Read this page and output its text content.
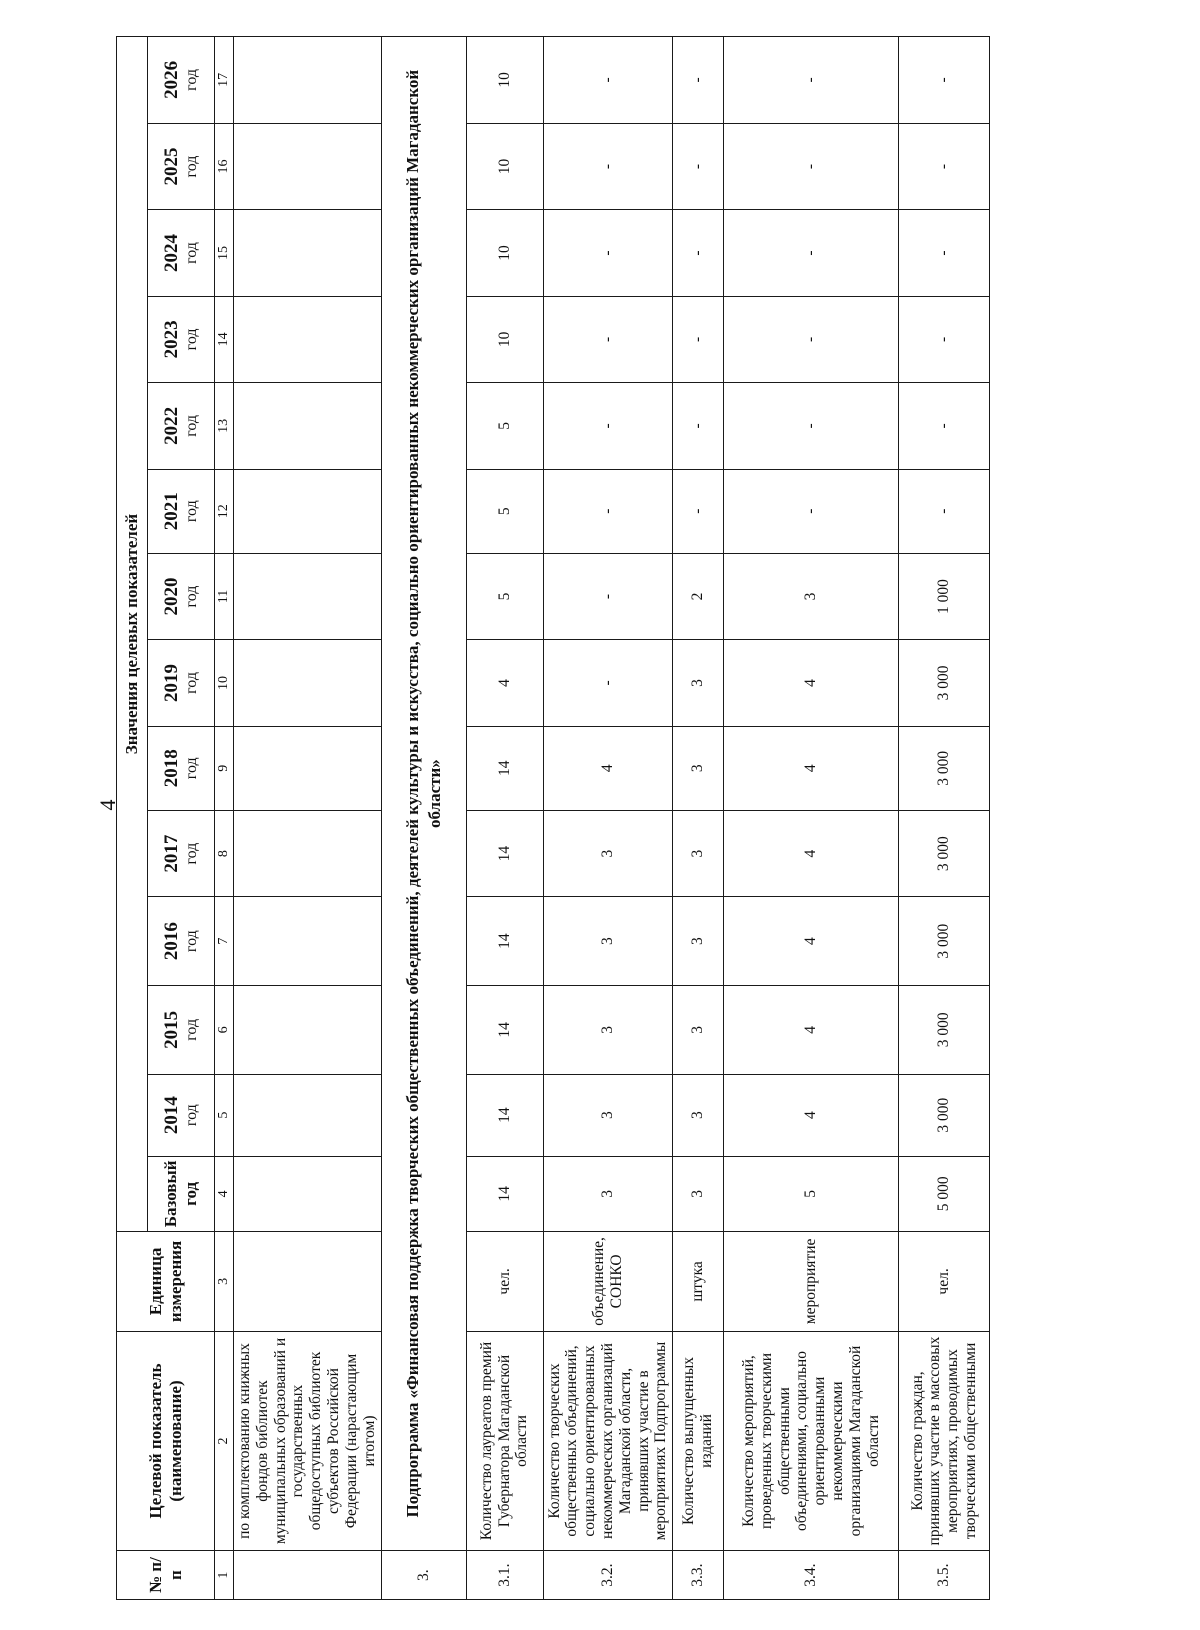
4
№ п/п	Целевой показатель (наименование)	Единица измерения	Значения целевых показателей													
			Базовый год	2014 год	2015 год	2016 год	2017 год	2018 год	2019 год	2020 год	2021 год	2022 год	2023 год	2024 год	2025 год	2026 год

1	2	3	4	5	6	7	8	9	10	11	12	13	14	15	16	17
	по комплектованию книжных фондов библиотек муниципальных образований и государственных общедоступных библиотек субъектов Российской Федерации (нарастающим итогом)															
3.	Подпрограмма «Финансовая поддержка творческих общественных объединений, деятелей культуры и искусства, социально ориентированных некоммерческих организаций Магаданской области»															
3.1.	Количество лауреатов премий Губернатора Магаданской области	чел.	14	14	14	14	14	14	4	5	5	5	10	10	10	10
3.2.	Количество творческих общественных объединений, социально ориентированных некоммерческих организаций Магаданской области, принявших участие в мероприятиях Подпрограммы	объединение, СОНКО	3	3	3	3	3	4	-	-	-	-	-	-	-	-
3.3.	Количество выпущенных изданий	штука	3	3	3	3	3	3	3	2	-	-	-	-	-	-
3.4.	Количество мероприятий, проведенных творческими общественными объединениями, социально ориентированными некоммерческими организациями Магаданской области	мероприятие	5	4	4	4	4	4	4	3	-	-	-	-	-	-
3.5.	Количество граждан, принявших участие в массовых мероприятиях, проводимых творческими общественными	чел.	5 000	3 000	3 000	3 000	3 000	3 000	3 000	1 000	-	-	-	-	-	-
